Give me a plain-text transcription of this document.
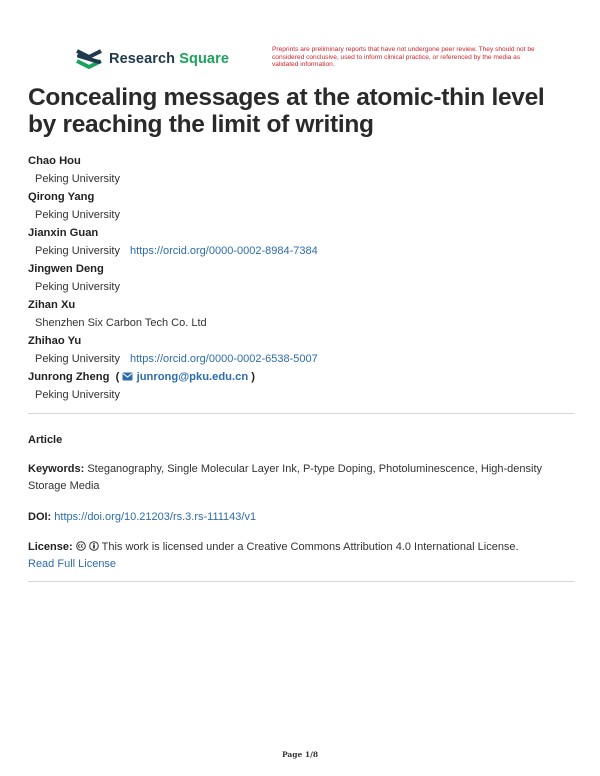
Research Square
Preprints are preliminary reports that have not undergone peer review. They should not be considered conclusive, used to inform clinical practice, or referenced by the media as validated information.
Concealing messages at the atomic-thin level by reaching the limit of writing
Chao Hou
Peking University
Qirong Yang
Peking University
Jianxin Guan
Peking University https://orcid.org/0000-0002-8984-7384
Jingwen Deng
Peking University
Zihan Xu
Shenzhen Six Carbon Tech Co. Ltd
Zhihao Yu
Peking University https://orcid.org/0000-0002-6538-5007
Junrong Zheng  ( junrong@pku.edu.cn )
Peking University
Article
Keywords: Steganography, Single Molecular Layer Ink, P-type Doping, Photoluminescence, High-density Storage Media
DOI: https://doi.org/10.21203/rs.3.rs-111143/v1
License:	This work is licensed under a Creative Commons Attribution 4.0 International License.
Read Full License
Page 1/8
